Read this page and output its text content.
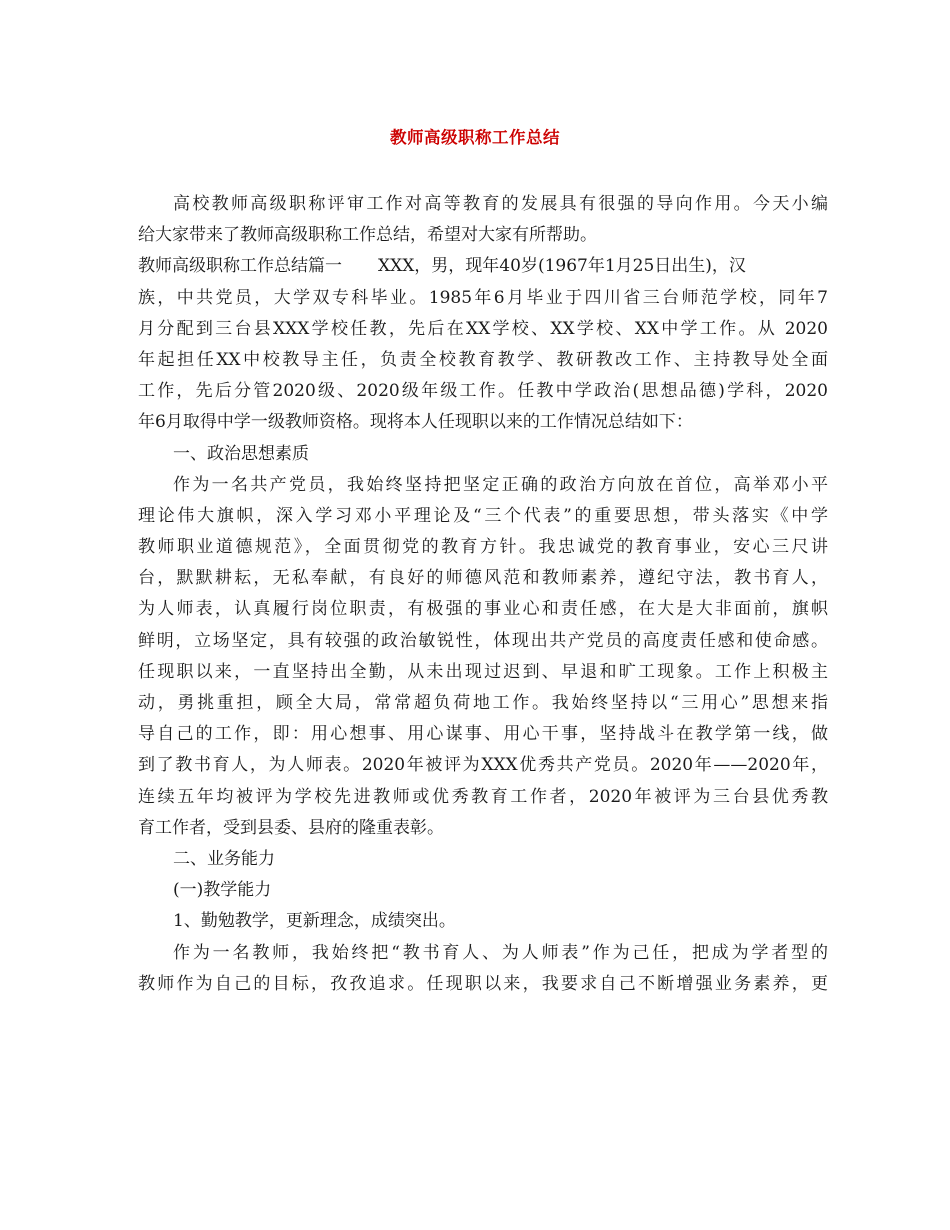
教师高级职称工作总结
高校教师高级职称评审工作对高等教育的发展具有很强的导向作用。今天小编
给大家带来了教师高级职称工作总结，希望对大家有所帮助。
教师高级职称工作总结篇一 XXX，男，现年40岁(1967年1月25日出生)，汉
族，中共党员，大学双专科毕业。1985年6月毕业于四川省三台师范学校，同年7
月分配到三台县XXX学校任教，先后在XX学校、XX学校、XX中学工作。从 2020
年起担任XX中校教导主任，负责全校教育教学、教研教改工作、主持教导处全面
工作，先后分管2020级、2020级年级工作。任教中学政治(思想品德)学科，2020
年6月取得中学一级教师资格。现将本人任现职以来的工作情况总结如下：
一、政治思想素质
作为一名共产党员，我始终坚持把坚定正确的政治方向放在首位，高举邓小平
理论伟大旗帜，深入学习邓小平理论及“三个代表”的重要思想，带头落实《中学
教师职业道德规范》，全面贯彻党的教育方针。我忠诚党的教育事业，安心三尺讲
台，默默耕耘，无私奉献，有良好的师德风范和教师素养，遵纪守法，教书育人，
为人师表，认真履行岗位职责，有极强的事业心和责任感，在大是大非面前，旗帜
鲜明，立场坚定，具有较强的政治敏锐性，体现出共产党员的高度责任感和使命感。
任现职以来，一直坚持出全勤，从未出现过迟到、早退和旷工现象。工作上积极主
动，勇挑重担，顾全大局，常常超负荷地工作。我始终坚持以“三用心”思想来指
导自己的工作，即：用心想事、用心谋事、用心干事，坚持战斗在教学第一线，做
到了教书育人，为人师表。2020年被评为XXX优秀共产党员。2020年——2020年，
连续五年均被评为学校先进教师或优秀教育工作者，2020年被评为三台县优秀教
育工作者，受到县委、县府的隆重表彰。
二、业务能力
(一)教学能力
1、勤勉教学，更新理念，成绩突出。
作为一名教师，我始终把“教书育人、为人师表”作为己任，把成为学者型的
教师作为自己的目标，孜孜追求。任现职以来，我要求自己不断增强业务素养，更
